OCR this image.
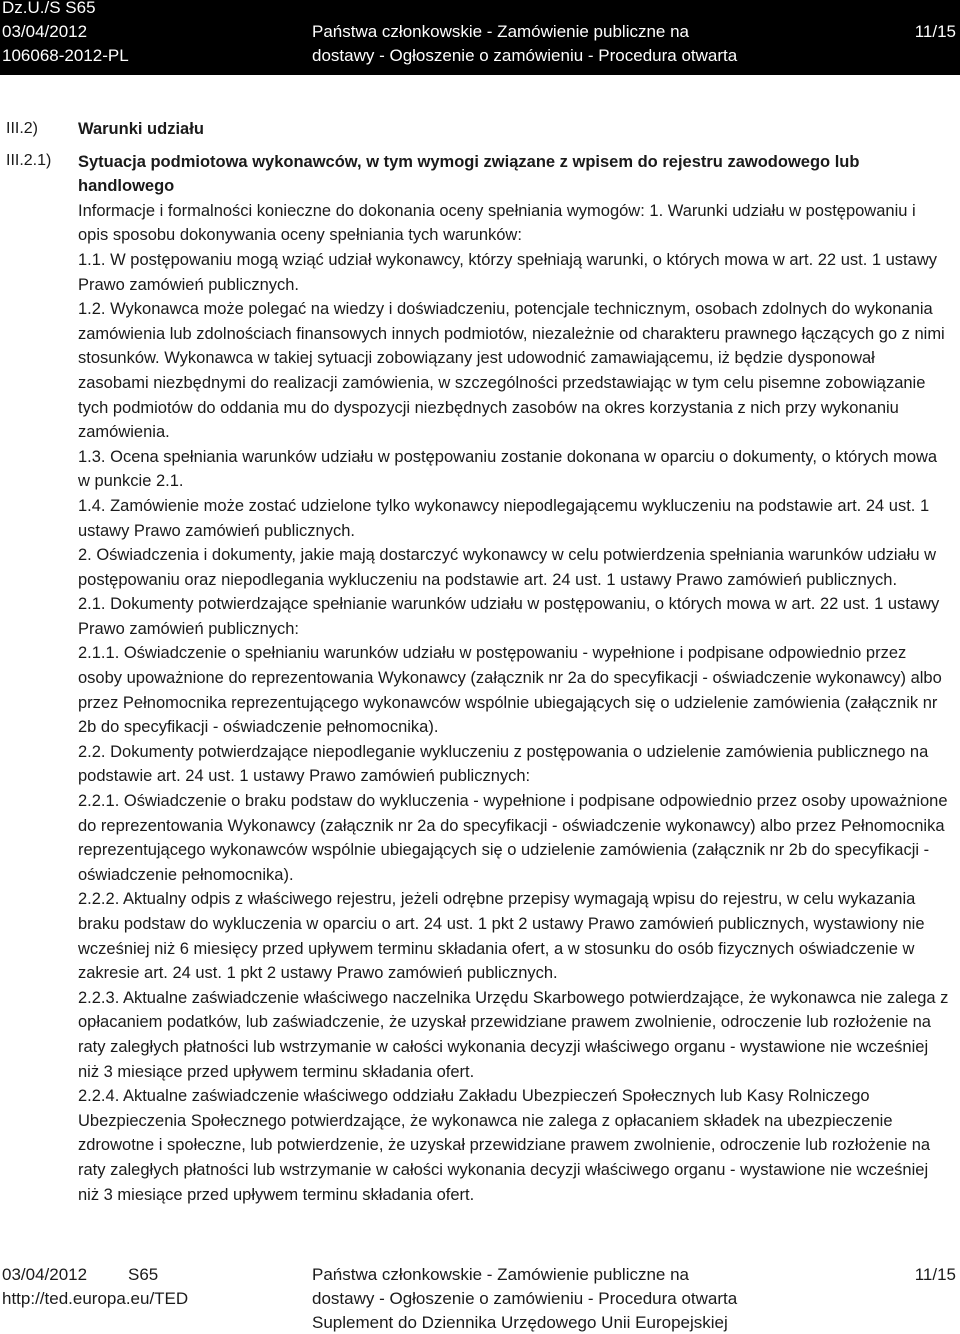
Dz.U./S S65
03/04/2012
106068-2012-PL
Państwa członkowskie - Zamówienie publiczne na
dostawy - Ogłoszenie o zamówieniu - Procedura otwarta
11/15
III.2)
III.2.1)

Warunki udziału

Sytuacja podmiotowa wykonawców, w tym wymogi związane z wpisem do rejestru zawodowego lub handlowego

Informacje i formalności konieczne do dokonania oceny spełniania wymogów: 1. Warunki udziału w postępowaniu i opis sposobu dokonywania oceny spełniania tych warunków:

1.1. W postępowaniu mogą wziąć udział wykonawcy, którzy spełniają warunki, o których mowa w art. 22 ust. 1 ustawy Prawo zamówień publicznych.

1.2. Wykonawca może polegać na wiedzy i doświadczeniu, potencjale technicznym, osobach zdolnych do wykonania zamówienia lub zdolnościach finansowych innych podmiotów, niezależnie od charakteru prawnego łączących go z nimi stosunków. Wykonawca w takiej sytuacji zobowiązany jest udowodnić zamawiającemu, iż będzie dysponował zasobami niezbędnymi do realizacji zamówienia, w szczególności przedstawiając w tym celu pisemne zobowiązanie tych podmiotów do oddania mu do dyspozycji niezbędnych zasobów na okres korzystania z nich przy wykonaniu zamówienia.

1.3. Ocena spełniania warunków udziału w postępowaniu zostanie dokonana w oparciu o dokumenty, o których mowa w punkcie 2.1.

1.4. Zamówienie może zostać udzielone tylko wykonawcy niepodlegającemu wykluczeniu na podstawie art. 24 ust. 1 ustawy Prawo zamówień publicznych.

2. Oświadczenia i dokumenty, jakie mają dostarczyć wykonawcy w celu potwierdzenia spełniania warunków udziału w postępowaniu oraz niepodlegania wykluczeniu na podstawie art. 24 ust. 1 ustawy Prawo zamówień publicznych.

2.1. Dokumenty potwierdzające spełnianie warunków udziału w postępowaniu, o których mowa w art. 22 ust. 1 ustawy Prawo zamówień publicznych:

2.1.1. Oświadczenie o spełnianiu warunków udziału w postępowaniu - wypełnione i podpisane odpowiednio przez osoby upoważnione do reprezentowania Wykonawcy (załącznik nr 2a do specyfikacji - oświadczenie wykonawcy) albo przez Pełnomocnika reprezentującego wykonawców wspólnie ubiegających się o udzielenie zamówienia (załącznik nr 2b do specyfikacji - oświadczenie pełnomocnika).

2.2. Dokumenty potwierdzające niepodleganie wykluczeniu z postępowania o udzielenie zamówienia publicznego na podstawie art. 24 ust. 1 ustawy Prawo zamówień publicznych:

2.2.1. Oświadczenie o braku podstaw do wykluczenia - wypełnione i podpisane odpowiednio przez osoby upoważnione do reprezentowania Wykonawcy (załącznik nr 2a do specyfikacji - oświadczenie wykonawcy) albo przez Pełnomocnika reprezentującego wykonawców wspólnie ubiegających się o udzielenie zamówienia (załącznik nr 2b do specyfikacji - oświadczenie pełnomocnika).

2.2.2. Aktualny odpis z właściwego rejestru, jeżeli odrębne przepisy wymagają wpisu do rejestru, w celu wykazania braku podstaw do wykluczenia w oparciu o art. 24 ust. 1 pkt 2 ustawy Prawo zamówień publicznych, wystawiony nie wcześniej niż 6 miesięcy przed upływem terminu składania ofert, a w stosunku do osób fizycznych oświadczenie w zakresie art. 24 ust. 1 pkt 2 ustawy Prawo zamówień publicznych.

2.2.3. Aktualne zaświadczenie właściwego naczelnika Urzędu Skarbowego potwierdzające, że wykonawca nie zalega z opłacaniem podatków, lub zaświadczenie, że uzyskał przewidziane prawem zwolnienie, odroczenie lub rozłożenie na raty zaległych płatności lub wstrzymanie w całości wykonania decyzji właściwego organu - wystawione nie wcześniej niż 3 miesiące przed upływem terminu składania ofert.

2.2.4. Aktualne zaświadczenie właściwego oddziału Zakładu Ubezpieczeń Społecznych lub Kasy Rolniczego Ubezpieczenia Społecznego potwierdzające, że wykonawca nie zalega z opłacaniem składek na ubezpieczenie zdrowotne i społeczne, lub potwierdzenie, że uzyskał przewidziane prawem zwolnienie, odroczenie lub rozłożenie na raty zaległych płatności lub wstrzymanie w całości wykonania decyzji właściwego organu - wystawione nie wcześniej niż 3 miesiące przed upływem terminu składania ofert.

03/04/2012 S65
http://ted.europa.eu/TED
Państwa członkowskie - Zamówienie publiczne na
dostawy - Ogłoszenie o zamówieniu - Procedura otwarta
Suplement do Dziennika Urzędowego Unii Europejskiej
11/15
